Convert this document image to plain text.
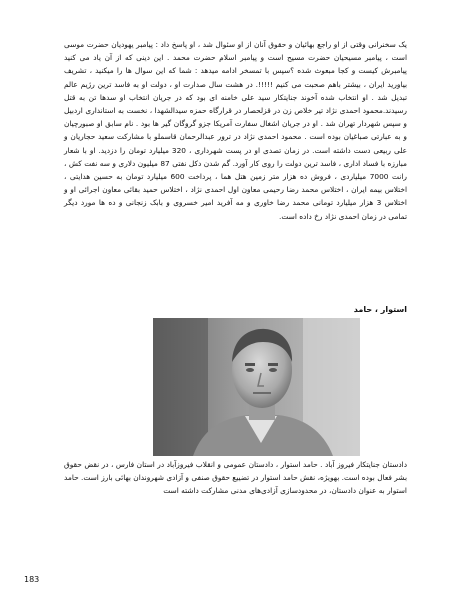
یک سخنرانی وقتی از او راجع بهائیان و حقوق آنان از او سئوال شد ، او پاسخ داد : پیامبر یهودیان حضرت موسی است ، پیامبر مسیحیان حضرت مسیح است و پیامبر اسلام حضرت محمد . این دینی که از آن یاد می کنید پیامبرش کیست و کجا مبعوث شده ؟سپس با تمسخر ادامه میدهد : شما که این سوال ها را میکنید ، تشریف بیاورید ایران ، بیشتر باهم صحبت می کنیم !!!!!. در هشت سال صدارت او ، دولت او به فاسد ترین رژیم عالم تبدیل شد . او انتخاب شده آخوند جنایتکار سید علی خامنه ای بود که در جریان انتخاب او سدها تن به قتل رسیدند.محمود احمدی نژاد تیر خلاص زن در قزلحصار در قرارگاه حمزه سیدالشهدا ، نخست به استانداری اردبیل و سپس شهردار تهران شد . او در جریان اشغال سفارت آمریکا جزو گروگان گیر ها بود . نام سابق او صبورچیان و به عبارتی صباغیان بوده است . محمود احمدی نژاد در ترور عبدالرحمان قاسملو با مشارکت سعید حجاریان و علی ربیعی دست داشته است. در زمان تصدی او در پست شهرداری ، 320 میلیارد تومان را دزدید. او با شعار مبارزه با فساد اداری ، فاسد ترین دولت را روی کار آورد. گم شدن دکل نفتی 87 میلیون دلاری و سه نفت کش ، رانت 7000 میلیاردی ، فروش ده هزار متر زمین هتل هما ، پرداخت 600 میلیارد تومان به حسین هدایتی ، اختلاس بیمه ایران ، اختلاس محمد رضا رحیمی معاون اول احمدی نژاد ، اختلاس حمید بقائی معاون اجرائی او و اختلاس 3 هزار میلیارد تومانی محمد رضا خاوری و مه آفرید امیر خسروی و بابک زنجانی و ده ها مورد دیگر تمامی در زمان احمدی نژاد رخ داده است.

استوار ، حامد

دادستان جنایتکار فیروز آباد . حامد استوار ، دادستان عمومی و انقلاب فیروزآباد در استان فارس ، در نقض حقوق بشر فعال بوده است. بهویژه، نقش حامد استوار در تضییع حقوق صنفی و آزادی شهروندان بهائی بارز است. حامد استوار به عنوان دادستان، در محدودسازی آزادی‌های مدنی مشارکت داشته است

183
